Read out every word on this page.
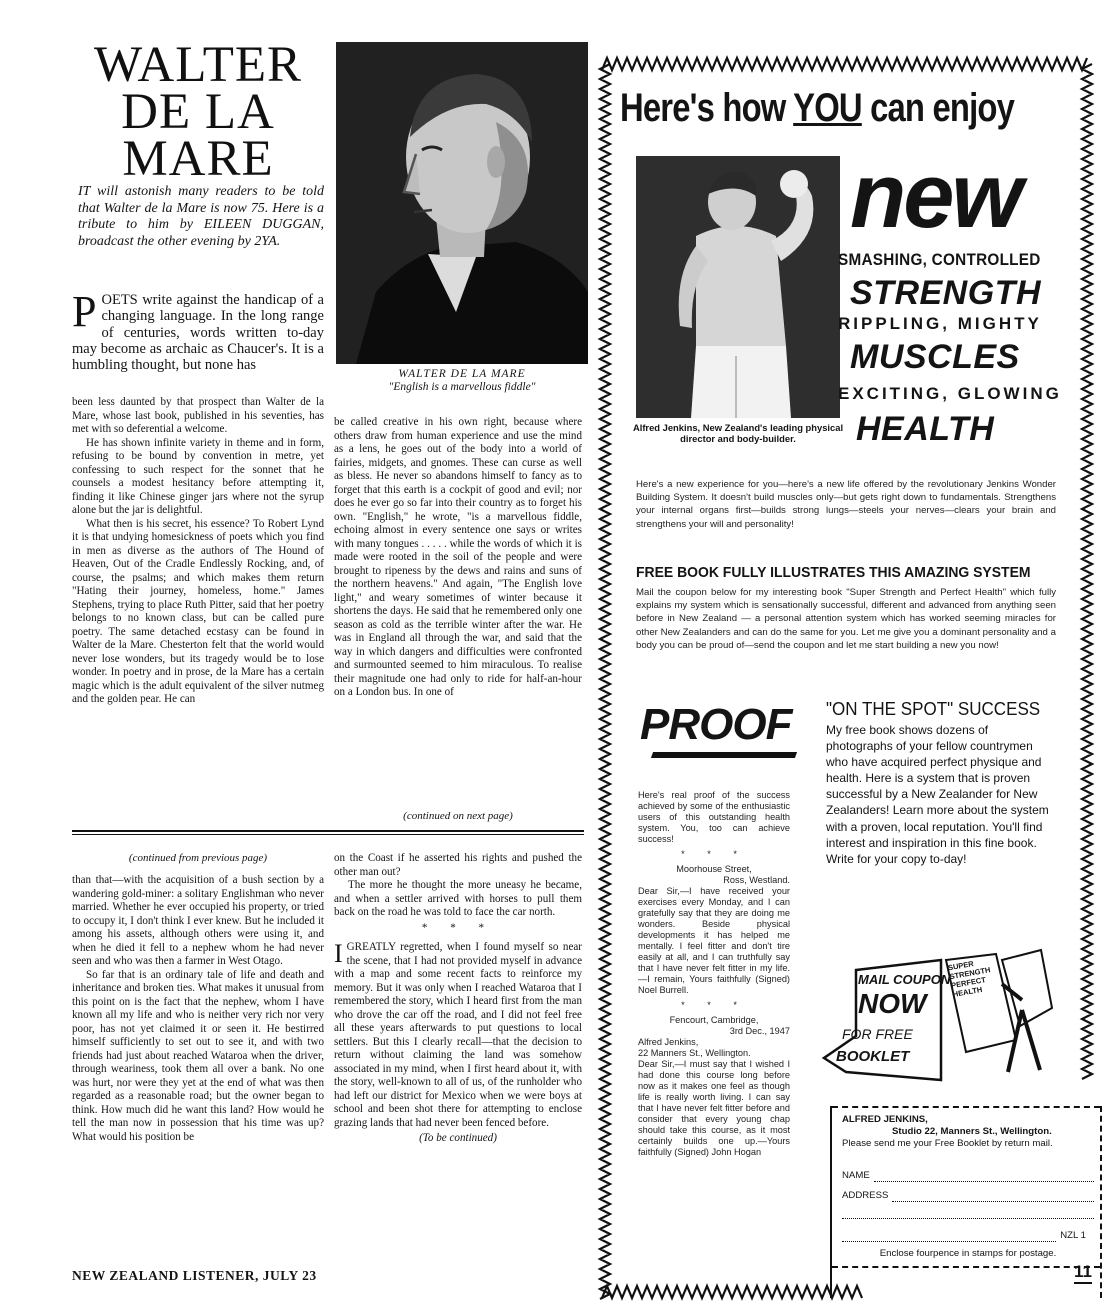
WALTER
DE LA
MARE
IT will astonish many readers to be told that Walter de la Mare is now 75. Here is a tribute to him by EILEEN DUGGAN, broadcast the other evening by 2YA.
P OETS write against the handicap of a changing language. In the long range of centuries, words written to-day may become as archaic as Chaucer's. It is a humbling thought, but none has

been less daunted by that prospect than Walter de la Mare, whose last book, published in his seventies, has met with so deferential a welcome.

He has shown infinite variety in theme and in form, refusing to be bound by convention in metre, yet confessing to such respect for the sonnet that he counsels a modest hesitancy before attempting it, finding it like Chinese ginger jars where not the syrup alone but the jar is delightful.

What then is his secret, his essence? To Robert Lynd it is that undying homesickness of poets which you find in men as diverse as the authors of The Hound of Heaven, Out of the Cradle Endlessly Rocking, and, of course, the psalms; and which makes them return "Hating their journey, homeless, home." James Stephens, trying to place Ruth Pitter, said that her poetry belongs to no known class, but can be called pure poetry. The same detached ecstasy can be found in Walter de la Mare. Chesterton felt that the world would never lose wonders, but its tragedy would be to lose wonder. In poetry and in prose, de la Mare has a certain magic which is the adult equivalent of the silver nutmeg and the golden pear. He can

WALTER DE LA MARE
"English is a marvellous fiddle"

be called creative in his own right, because where others draw from human experience and use the mind as a lens, he goes out of the body into a world of fairies, midgets, and gnomes. These can curse as well as bless. He never so abandons himself to fancy as to forget that this earth is a cockpit of good and evil; nor does he ever go so far into their country as to forget his own. "English," he wrote, "is a marvellous fiddle, echoing almost in every sentence one says or writes with many tongues . . . . . while the words of which it is made were rooted in the soil of the people and were brought to ripeness by the dews and rains and suns of the northern heavens." And again, "The English love light," and weary sometimes of winter because it shortens the days. He said that he remembered only one season as cold as the terrible winter after the war. He was in England all through the war, and said that the way in which dangers and difficulties were confronted and surmounted seemed to him miraculous. To realise their magnitude one had only to ride for half-an-hour on a London bus. In one of

(continued on next page)
(continued from previous page)

than that—with the acquisition of a bush section by a wandering gold-miner: a solitary Englishman who never married. Whether he ever occupied his property, or tried to occupy it, I don't think I ever knew. But he included it among his assets, although others were using it, and when he died it fell to a nephew whom he had never seen and who was then a farmer in West Otago.

So far that is an ordinary tale of life and death and inheritance and broken ties. What makes it unusual from this point on is the fact that the nephew, whom I have known all my life and who is neither very rich nor very poor, has not yet claimed it or seen it. He bestirred himself sufficiently to set out to see it, and with two friends had just about reached Wataroa when the driver, through weariness, took them all over a bank. No one was hurt, nor were they yet at the end of what was then regarded as a reasonable road; but the owner began to think. How much did he want this land? How would he tell the man now in possession that his time was up? What would his position be

on the Coast if he asserted his rights and pushed the other man out?

The more he thought the more uneasy he became, and when a settler arrived with horses to pull them back on the road he was told to face the car north.

* * *

IGREATLY regretted, when I found myself so near the scene, that I had not provided myself in advance with a map and some recent facts to reinforce my memory. But it was only when I reached Wataroa that I remembered the story, which I heard first from the man who drove the car off the road, and I did not feel free all these years afterwards to put questions to local settlers. But this I clearly recall—that the decision to return without claiming the land was somehow associated in my mind, when I first heard about it, with the story, well-known to all of us, of the runholder who had left our district for Mexico when we were boys at school and been shot there for attempting to enclose grazing lands that had never been fenced before.

(To be continued)
NEW ZEALAND LISTENER, JULY 23	11
Here's how YOU can enjoy
Alfred Jenkins, New Zealand's leading physical director and body-builder.
new
SMASHING, CONTROLLED
STRENGTH
RIPPLING, MIGHTY
MUSCLES
EXCITING, GLOWING
HEALTH
Here's a new experience for you—here's a new life offered by the revolutionary Jenkins Wonder Building System. It doesn't build muscles only—but gets right down to fundamentals. Strengthens your internal organs first—builds strong lungs—steels your nerves—clears your brain and strengthens your will and personality!
FREE BOOK FULLY ILLUSTRATES THIS AMAZING SYSTEM
Mail the coupon below for my interesting book "Super Strength and Perfect Health" which fully explains my system which is sensationally successful, different and advanced from anything seen before in New Zealand — a personal attention system which has worked seeming miracles for other New Zealanders and can do the same for you. Let me give you a dominant personality and a body you can be proud of—send the coupon and let me start building a new you now!
PROOF
Here's real proof of the success achieved by some of the enthusiastic users of this outstanding health system. You, too can achieve success!
* * *
Moorhouse Street,
Ross, Westland.
Dear Sir,—I have received your exercises every Monday, and I can gratefully say that they are doing me wonders. Beside physical developments it has helped me mentally. I feel fitter and don't tire easily at all, and I can truthfully say that I have never felt fitter in my life. —I remain, Yours faithfully (Signed) Noel Burrell.
* * *
Fencourt, Cambridge,
3rd Dec., 1947
Alfred Jenkins,
22 Manners St., Wellington.
Dear Sir,—I must say that I wished I had done this course long before now as it makes one feel as though life is really worth living. I can say that I have never felt fitter before and consider that every young chap should take this course, as it most certainly builds one up.—Yours faithfully (Signed) John Hogan
"ON THE SPOT" SUCCESS
My free book shows dozens of photographs of your fellow countrymen who have acquired perfect physique and health. Here is a system that is proven successful by a New Zealander for New Zealanders! Learn more about the system with a proven, local reputation. You'll find interest and inspiration in this fine book. Write for your copy to-day!
MAIL COUPON
NOW
FOR FREE
BOOKLET
SUPER STRENGTH PERFECT HEALTH
ALFRED JENKINS,
Studio 22, Manners St., Wellington.
Please send me your Free Booklet by return mail.
NAME
ADDRESS
NZL 1
Enclose fourpence in stamps for postage.
